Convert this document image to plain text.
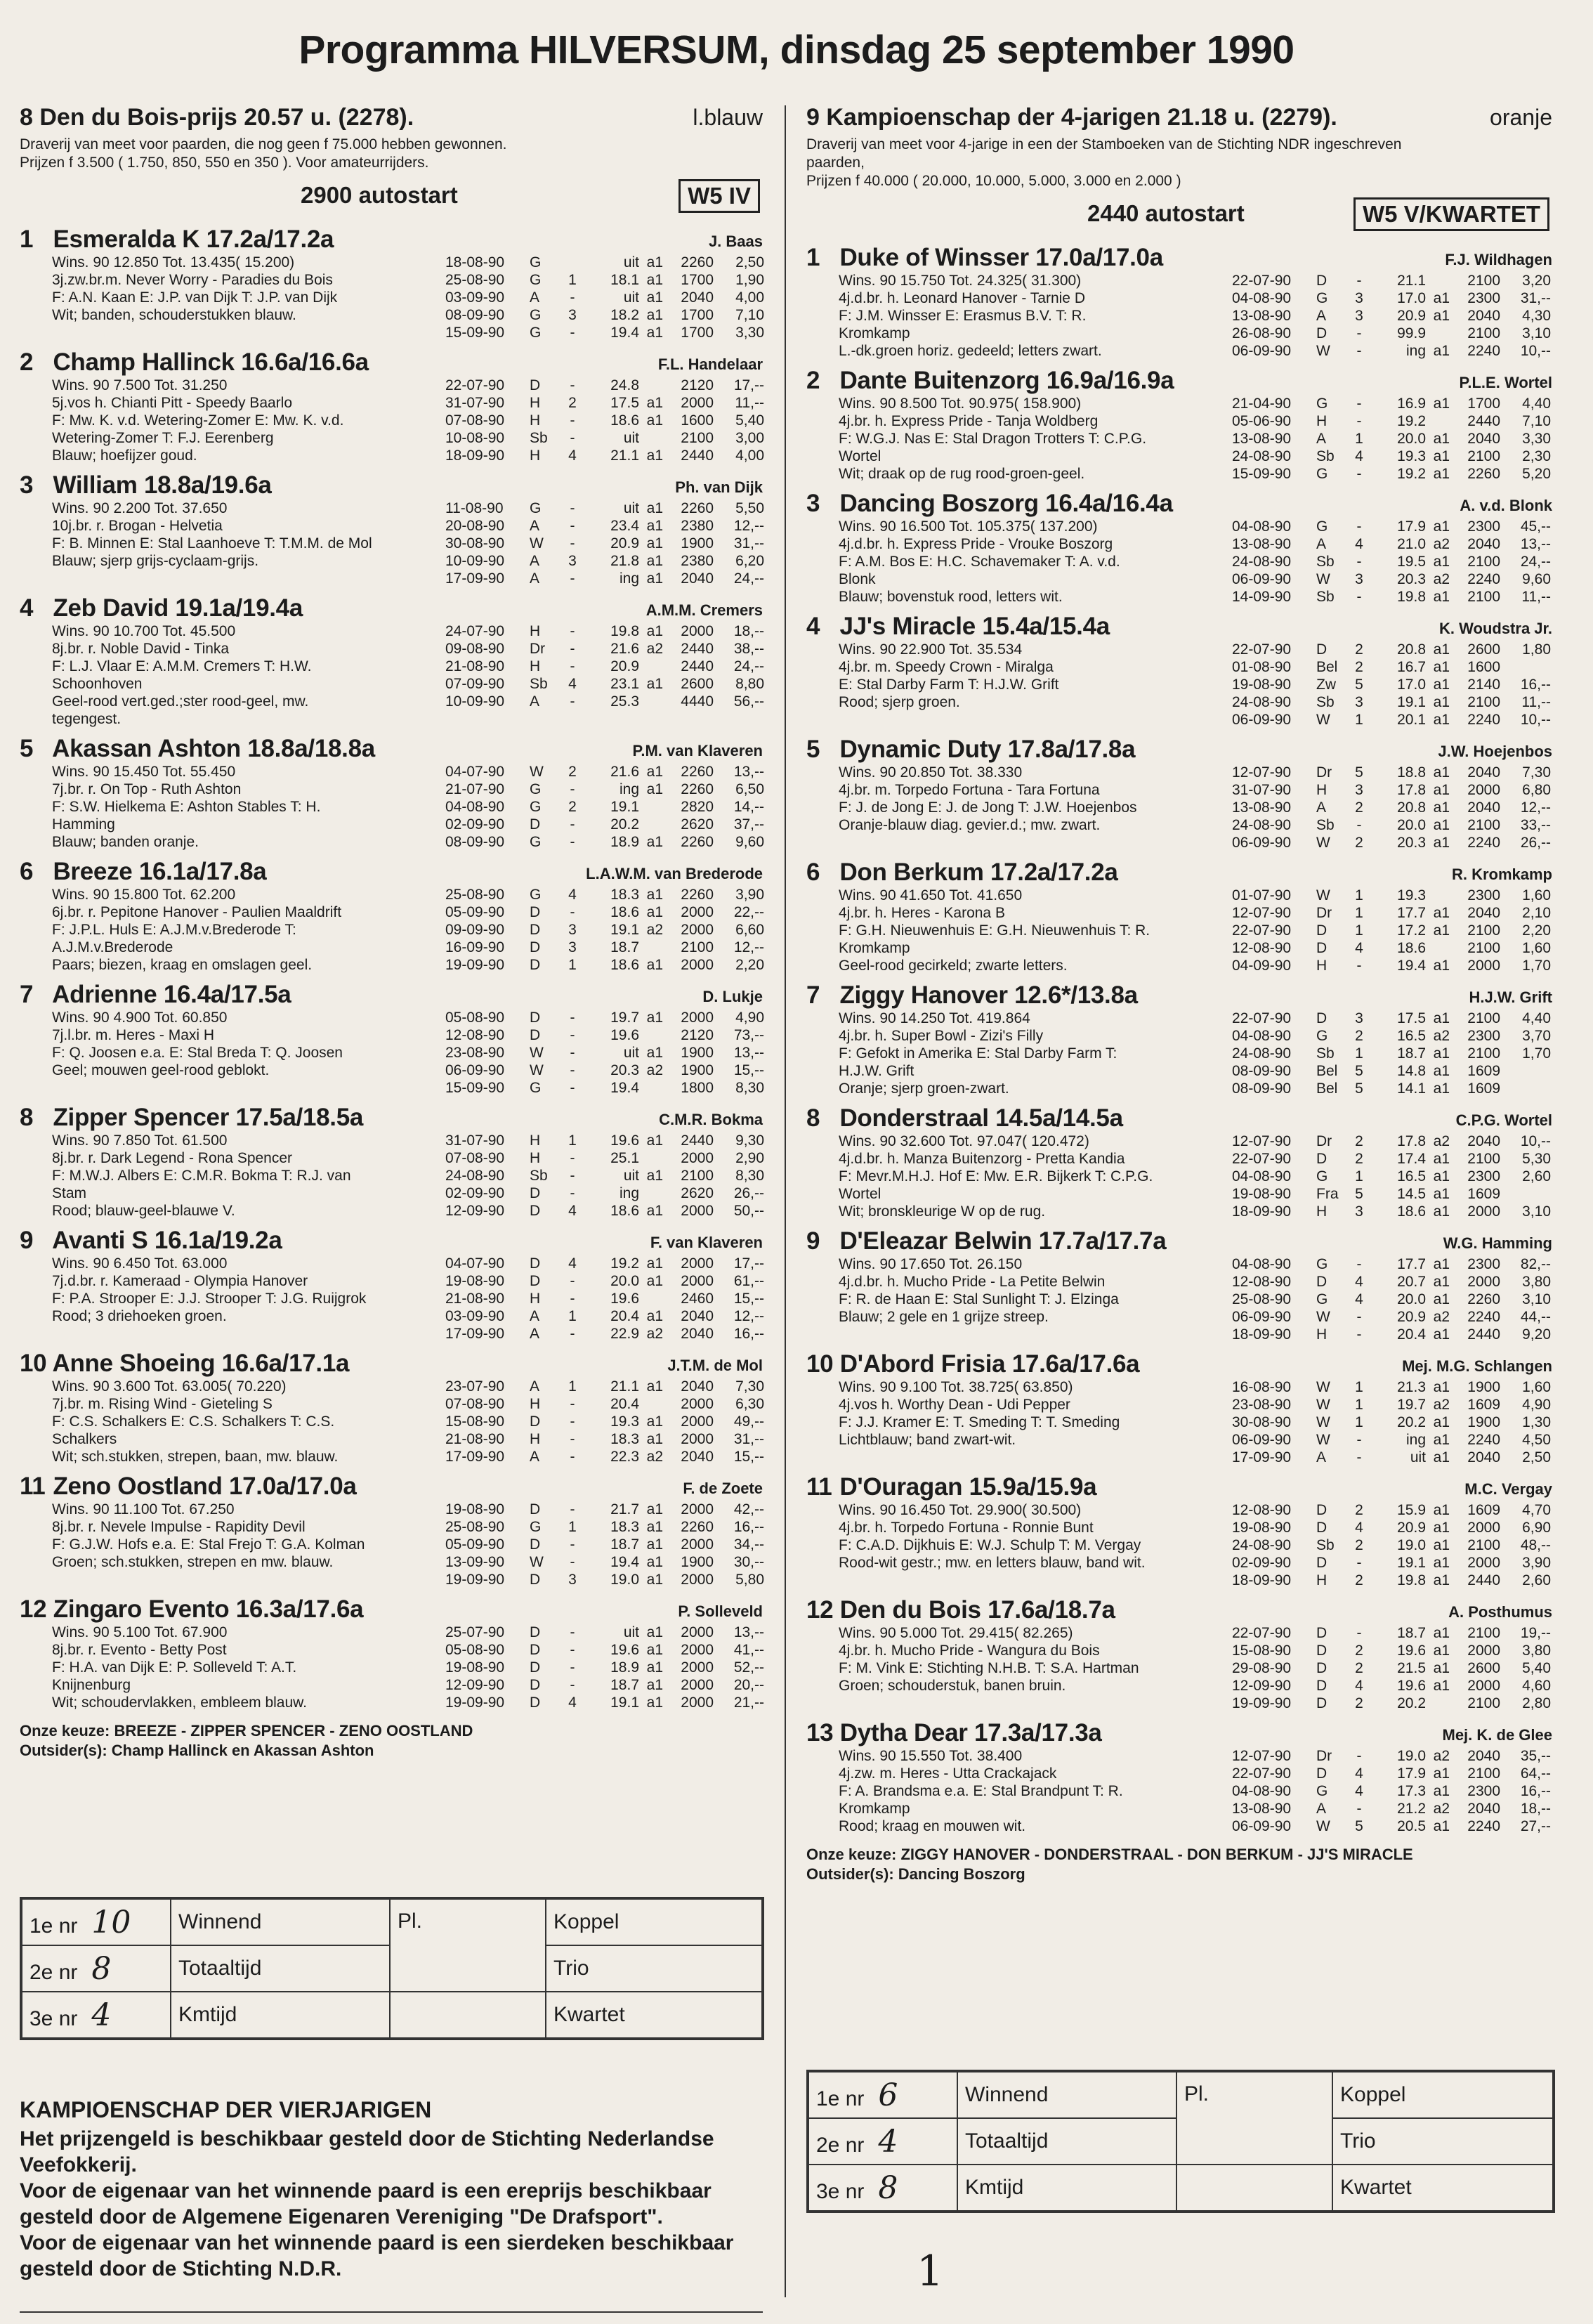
Programma HILVERSUM, dinsdag 25 september 1990
8 Den du Bois-prijs 20.57 u. (2278).	l.blauw
Draverij van meet voor paarden, die nog geen f 75.000 hebben gewonnen.
Prijzen f 3.500 ( 1.750, 850, 550 en 350 ). Voor amateurrijders.
2900 autostart	W5 IV
1 Esmeralda K 17.2a/17.2a	J. Baas
Wins. 90 12.850 Tot. 13.435( 15.200)
3j.zw.br.m. Never Worry - Paradies du Bois
F: A.N. Kaan E: J.P. van Dijk T: J.P. van Dijk
Wit; banden, schouderstukken blauw.
18-08-90	G	uit a1	2260	2,50
25-08-90	G	1	18.1 a1	1700	1,90
03-09-90	A	-	uit a1	2040	4,00
08-09-90	G	3	18.2 a1	1700	7,10
15-09-90	G	-	19.4 a1	1700	3,30
2 Champ Hallinck 16.6a/16.6a	F.L. Handelaar
Wins. 90 7.500 Tot. 31.250
5j.vos h. Chianti Pitt - Speedy Baarlo
F: Mw. K. v.d. Wetering-Zomer E: Mw. K. v.d.
Wetering-Zomer T: F.J. Eerenberg
Blauw; hoefijzer goud.
22-07-90	D	-	24.8	2120	17,--
31-07-90	H	2	17.5 a1	2000	11,--
07-08-90	H	-	18.6 a1	1600	5,40
10-08-90	Sb	-	uit	2100	3,00
18-09-90	H	4	21.1 a1	2440	4,00
3 William 18.8a/19.6a	Ph. van Dijk
Wins. 90 2.200 Tot. 37.650
10j.br. r. Brogan - Helvetia
F: B. Minnen E: Stal Laanhoeve T: T.M.M. de Mol
Blauw; sjerp grijs-cyclaam-grijs.
11-08-90	G	-	uit a1	2260	5,50
20-08-90	A	-	23.4 a1	2380	12,--
30-08-90	W	-	20.9 a1	1900	31,--
10-09-90	A	3	21.8 a1	2380	6,20
17-09-90	A	-	ing a1	2040	24,--
4 Zeb David 19.1a/19.4a	A.M.M. Cremers
Wins. 90 10.700 Tot. 45.500
8j.br. r. Noble David - Tinka
F: L.J. Vlaar E: A.M.M. Cremers T: H.W.
Schoonhoven
Geel-rood vert.ged.;ster rood-geel, mw.
tegengest.
24-07-90	H	-	19.8 a1	2000	18,--
09-08-90	Dr	-	21.6 a2	2440	38,--
21-08-90	H	-	20.9	2440	24,--
07-09-90	Sb	4	23.1 a1	2600	8,80
10-09-90	A	-	25.3	4440	56,--
5 Akassan Ashton 18.8a/18.8a	P.M. van Klaveren
Wins. 90 15.450 Tot. 55.450
7j.br. r. On Top - Ruth Ashton
F: S.W. Hielkema E: Ashton Stables T: H.
Hamming
Blauw; banden oranje.
04-07-90	W	2	21.6 a1	2260	13,--
21-07-90	G	-	ing a1	2260	6,50
04-08-90	G	2	19.1	2820	14,--
02-09-90	D	-	20.2	2620	37,--
08-09-90	G	-	18.9 a1	2260	9,60
6 Breeze 16.1a/17.8a	L.A.W.M. van Brederode
Wins. 90 15.800 Tot. 62.200
6j.br. r. Pepitone Hanover - Paulien Maaldrift
F: J.P.L. Huls E: A.J.M.v.Brederode T:
A.J.M.v.Brederode
Paars; biezen, kraag en omslagen geel.
25-08-90	G	4	18.3 a1	2260	3,90
05-09-90	D	-	18.6 a1	2000	22,--
09-09-90	D	3	19.1 a2	2000	6,60
16-09-90	D	3	18.7	2100	12,--
19-09-90	D	1	18.6 a1	2000	2,20
7 Adrienne 16.4a/17.5a	D. Lukje
Wins. 90 4.900 Tot. 60.850
7j.l.br. m. Heres - Maxi H
F: Q. Joosen e.a. E: Stal Breda T: Q. Joosen
Geel; mouwen geel-rood geblokt.
05-08-90	D	-	19.7 a1	2000	4,90
12-08-90	D	-	19.6	2120	73,--
23-08-90	W	-	uit a1	1900	13,--
06-09-90	W	-	20.3 a2	1900	15,--
15-09-90	G	-	19.4	1800	8,30
8 Zipper Spencer 17.5a/18.5a	C.M.R. Bokma
Wins. 90 7.850 Tot. 61.500
8j.br. r. Dark Legend - Rona Spencer
F: M.W.J. Albers E: C.M.R. Bokma T: R.J. van
Stam
Rood; blauw-geel-blauwe V.
31-07-90	H	1	19.6 a1	2440	9,30
07-08-90	H	-	25.1	2000	2,90
24-08-90	Sb	-	uit a1	2100	8,30
02-09-90	D	-	ing	2620	26,--
12-09-90	D	4	18.6 a1	2000	50,--
9 Avanti S 16.1a/19.2a	F. van Klaveren
Wins. 90 6.450 Tot. 63.000
7j.d.br. r. Kameraad - Olympia Hanover
F: P.A. Strooper E: J.J. Strooper T: J.G. Ruijgrok
Rood; 3 driehoeken groen.
04-07-90	D	4	19.2 a1	2000	17,--
19-08-90	D	-	20.0 a1	2000	61,--
21-08-90	H	-	19.6	2460	15,--
03-09-90	A	1	20.4 a1	2040	12,--
17-09-90	A	-	22.9 a2	2040	16,--
10 Anne Shoeing 16.6a/17.1a	J.T.M. de Mol
Wins. 90 3.600 Tot. 63.005( 70.220)
7j.br. m. Rising Wind - Gieteling S
F: C.S. Schalkers E: C.S. Schalkers T: C.S.
Schalkers
Wit; sch.stukken, strepen, baan, mw. blauw.
23-07-90	A	1	21.1 a1	2040	7,30
07-08-90	H	-	20.4	2000	6,30
15-08-90	D	-	19.3 a1	2000	49,--
21-08-90	H	-	18.3 a1	2000	31,--
17-09-90	A	-	22.3 a2	2040	15,--
11 Zeno Oostland 17.0a/17.0a	F. de Zoete
Wins. 90 11.100 Tot. 67.250
8j.br. r. Nevele Impulse - Rapidity Devil
F: G.J.W. Hofs e.a. E: Stal Frejo T: G.A. Kolman
Groen; sch.stukken, strepen en mw. blauw.
19-08-90	D	-	21.7 a1	2000	42,--
25-08-90	G	1	18.3 a1	2260	16,--
05-09-90	D	-	18.7 a1	2000	34,--
13-09-90	W	-	19.4 a1	1900	30,--
19-09-90	D	3	19.0 a1	2000	5,80
12 Zingaro Evento 16.3a/17.6a	P. Solleveld
Wins. 90 5.100 Tot. 67.900
8j.br. r. Evento - Betty Post
F: H.A. van Dijk E: P. Solleveld T: A.T.
Knijnenburg
Wit; schoudervlakken, embleem blauw.
25-07-90	D	-	uit a1	2000	13,--
05-08-90	D	-	19.6 a1	2000	41,--
19-08-90	D	-	18.9 a1	2000	52,--
12-09-90	D	-	18.7 a1	2000	20,--
19-09-90	D	4	19.1 a1	2000	21,--
Onze keuze: BREEZE - ZIPPER SPENCER - ZENO OOSTLAND
Outsider(s): Champ Hallinck en Akassan Ashton
9 Kampioenschap der 4-jarigen 21.18 u. (2279).	oranje
Draverij van meet voor 4-jarige in een der Stamboeken van de Stichting NDR ingeschreven
paarden,
Prijzen f 40.000 ( 20.000, 10.000, 5.000, 3.000 en 2.000 )
2440 autostart	W5 V/KWARTET
1 Duke of Winsser 17.0a/17.0a	F.J. Wildhagen
Wins. 90 15.750 Tot. 24.325( 31.300)
4j.d.br. h. Leonard Hanover - Tarnie D
F: J.M. Winsser E: Erasmus B.V. T: R.
Kromkamp
L.-dk.groen horiz. gedeeld; letters zwart.
22-07-90	D	-	21.1	2100	3,20
04-08-90	G	3	17.0 a1	2300	31,--
13-08-90	A	3	20.9 a1	2040	4,30
26-08-90	D	-	99.9	2100	3,10
06-09-90	W	-	ing a1	2240	10,--
2 Dante Buitenzorg 16.9a/16.9a	P.L.E. Wortel
Wins. 90 8.500 Tot. 90.975( 158.900)
4j.br. h. Express Pride - Tanja Woldberg
F: W.G.J. Nas E: Stal Dragon Trotters T: C.P.G.
Wortel
Wit; draak op de rug rood-groen-geel.
21-04-90	G	-	16.9 a1	1700	4,40
05-06-90	H	-	19.2	2440	7,10
13-08-90	A	1	20.0 a1	2040	3,30
24-08-90	Sb	4	19.3 a1	2100	2,30
15-09-90	G	-	19.2 a1	2260	5,20
3 Dancing Boszorg 16.4a/16.4a	A. v.d. Blonk
Wins. 90 16.500 Tot. 105.375( 137.200)
4j.d.br. h. Express Pride - Vrouke Boszorg
F: A.M. Bos E: H.C. Schavemaker T: A. v.d.
Blonk
Blauw; bovenstuk rood, letters wit.
04-08-90	G	-	17.9 a1	2300	45,--
13-08-90	A	4	21.0 a2	2040	13,--
24-08-90	Sb	-	19.5 a1	2100	24,--
06-09-90	W	3	20.3 a2	2240	9,60
14-09-90	Sb	-	19.8 a1	2100	11,--
4 JJ's Miracle 15.4a/15.4a	K. Woudstra Jr.
Wins. 90 22.900 Tot. 35.534
4j.br. m. Speedy Crown - Miralga
E: Stal Darby Farm T: H.J.W. Grift
Rood; sjerp groen.
22-07-90	D	2	20.8 a1	2600	1,80
01-08-90	Bel	2	16.7 a1	1600
19-08-90	Zw	5	17.0 a1	2140	16,--
24-08-90	Sb	3	19.1 a1	2100	11,--
06-09-90	W	1	20.1 a1	2240	10,--
5 Dynamic Duty 17.8a/17.8a	J.W. Hoejenbos
Wins. 90 20.850 Tot. 38.330
4j.br. m. Torpedo Fortuna - Tara Fortuna
F: J. de Jong E: J. de Jong T: J.W. Hoejenbos
Oranje-blauw diag. gevier.d.; mw. zwart.
12-07-90	Dr	5	18.8 a1	2040	7,30
31-07-90	H	3	17.8 a1	2000	6,80
13-08-90	A	2	20.8 a1	2040	12,--
24-08-90	Sb	-	20.0 a1	2100	33,--
06-09-90	W	2	20.3 a1	2240	26,--
6 Don Berkum 17.2a/17.2a	R. Kromkamp
Wins. 90 41.650 Tot. 41.650
4j.br. h. Heres - Karona B
F: G.H. Nieuwenhuis E: G.H. Nieuwenhuis T: R.
Kromkamp
Geel-rood gecirkeld; zwarte letters.
01-07-90	W	1	19.3	2300	1,60
12-07-90	Dr	1	17.7 a1	2040	2,10
22-07-90	D	1	17.2 a1	2100	2,20
12-08-90	D	4	18.6	2100	1,60
04-09-90	H	-	19.4 a1	2000	1,70
7 Ziggy Hanover 12.6*/13.8a	H.J.W. Grift
Wins. 90 14.250 Tot. 419.864
4j.br. h. Super Bowl - Zizi's Filly
F: Gefokt in Amerika E: Stal Darby Farm T:
H.J.W. Grift
Oranje; sjerp groen-zwart.
22-07-90	D	3	17.5 a1	2100	4,40
04-08-90	G	2	16.5 a2	2300	3,70
24-08-90	Sb	1	18.7 a1	2100	1,70
08-09-90	Bel	5	14.8 a1	1609
08-09-90	Bel	5	14.1 a1	1609
8 Donderstraal 14.5a/14.5a	C.P.G. Wortel
Wins. 90 32.600 Tot. 97.047( 120.472)
4j.d.br. h. Manza Buitenzorg - Pretta Kandia
F: Mevr.M.H.J. Hof E: Mw. E.R. Bijkerk T: C.P.G.
Wortel
Wit; bronskleurige W op de rug.
12-07-90	Dr	2	17.8 a2	2040	10,--
22-07-90	D	2	17.4 a1	2100	5,30
04-08-90	G	1	16.5 a1	2300	2,60
19-08-90	Fra	5	14.5 a1	1609
18-09-90	H	3	18.6 a1	2000	3,10
9 D'Eleazar Belwin 17.7a/17.7a	W.G. Hamming
Wins. 90 17.650 Tot. 26.150
4j.d.br. h. Mucho Pride - La Petite Belwin
F: R. de Haan E: Stal Sunlight T: J. Elzinga
Blauw; 2 gele en 1 grijze streep.
04-08-90	G	-	17.7 a1	2300	82,--
12-08-90	D	4	20.7 a1	2000	3,80
25-08-90	G	4	20.0 a1	2260	3,10
06-09-90	W	-	20.9 a2	2240	44,--
18-09-90	H	-	20.4 a1	2440	9,20
10 D'Abord Frisia 17.6a/17.6a	Mej. M.G. Schlangen
Wins. 90 9.100 Tot. 38.725( 63.850)
4j.vos h. Worthy Dean - Udi Pepper
F: J.J. Kramer E: T. Smeding T: T. Smeding
Lichtblauw; band zwart-wit.
16-08-90	W	1	21.3 a1	1900	1,60
23-08-90	W	1	19.7 a2	1609	4,90
30-08-90	W	1	20.2 a1	1900	1,30
06-09-90	W	-	ing a1	2240	4,50
17-09-90	A	-	uit a1	2040	2,50
11 D'Ouragan 15.9a/15.9a	M.C. Vergay
Wins. 90 16.450 Tot. 29.900( 30.500)
4j.br. h. Torpedo Fortuna - Ronnie Bunt
F: C.A.D. Dijkhuis E: W.J. Schulp T: M. Vergay
Rood-wit gestr.; mw. en letters blauw, band wit.
12-08-90	D	2	15.9 a1	1609	4,70
19-08-90	D	4	20.9 a1	2000	6,90
24-08-90	Sb	2	19.0 a1	2100	48,--
02-09-90	D	-	19.1 a1	2000	3,90
18-09-90	H	2	19.8 a1	2440	2,60
12 Den du Bois 17.6a/18.7a	A. Posthumus
Wins. 90 5.000 Tot. 29.415( 82.265)
4j.br. h. Mucho Pride - Wangura du Bois
F: M. Vink E: Stichting N.H.B. T: S.A. Hartman
Groen; schouderstuk, banen bruin.
22-07-90	D	-	18.7 a1	2100	19,--
15-08-90	D	2	19.6 a1	2000	3,80
29-08-90	D	2	21.5 a1	2600	5,40
12-09-90	D	4	19.6 a1	2000	4,60
19-09-90	D	2	20.2	2100	2,80
13 Dytha Dear 17.3a/17.3a	Mej. K. de Glee
Wins. 90 15.550 Tot. 38.400
4j.zw. m. Heres - Utta Crackajack
F: A. Brandsma e.a. E: Stal Brandpunt T: R.
Kromkamp
Rood; kraag en mouwen wit.
12-07-90	Dr	-	19.0 a2	2040	35,--
22-07-90	D	4	17.9 a1	2100	64,--
04-08-90	G	4	17.3 a1	2300	16,--
13-08-90	A	-	21.2 a2	2040	18,--
06-09-90	W	5	20.5 a1	2240	27,--
Onze keuze: ZIGGY HANOVER - DONDERSTRAAL - DON BERKUM - JJ'S MIRACLE
Outsider(s): Dancing Boszorg
1e nr 10	Winnend	Pl.	Koppel
2e nr 8	Totaaltijd		Trio
3e nr 4	Kmtijd		Kwartet
1e nr 6	Winnend	Pl.	Koppel
2e nr 4	Totaaltijd		Trio
3e nr 8	Kmtijd		Kwartet
KAMPIOENSCHAP DER VIERJARIGEN
Het prijzengeld is beschikbaar gesteld door de Stichting Nederlandse Veefokkerij.
Voor de eigenaar van het winnende paard is een ereprijs beschikbaar gesteld door de Algemene Eigenaren Vereniging "De Drafsport".
Voor de eigenaar van het winnende paard is een sierdeken beschikbaar gesteld door de Stichting N.D.R.	1
